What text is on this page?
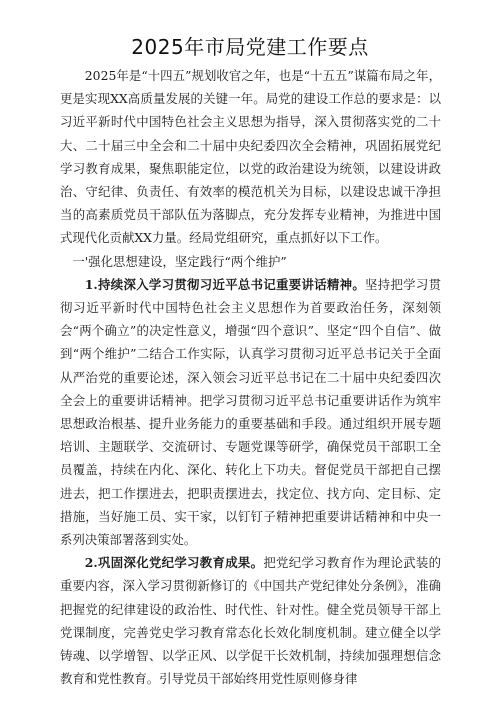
2025年市局党建工作要点

2025年是“十四五”规划收官之年，也是“十五五”谋篇布局之年，更是实现XX高质量发展的关键一年。局党的建设工作总的要求是：以习近平新时代中国特色社会主义思想为指导，深入贯彻落实党的二十大、二十届三中全会和二十届中央纪委四次全会精神，巩固拓展党纪学习教育成果，聚焦职能定位，以党的政治建设为统领，以建设讲政治、守纪律、负责任、有效率的模范机关为目标，以建设忠诚干净担当的高素质党员干部队伍为落脚点，充分发挥专业精神，为推进中国式现代化贡献XX力量。经局党组研究，重点抓好以下工作。

一'强化思想建设，坚定践行“两个维护”

1.持续深入学习贯彻习近平总书记重要讲话精神。坚持把学习贯彻习近平新时代中国特色社会主义思想作为首要政治任务，深刻领会“两个确立”的决定性意义，增强“四个意识”、坚定“四个自信”、做到“两个维护”二结合工作实际，认真学习贯彻习近平总书记关于全面从严治党的重要论述，深入领会习近平总书记在二十届中央纪委四次全会上的重要讲话精神。把学习贯彻习近平总书记重要讲话作为筑牢思想政治根基、提升业务能力的重要基础和手段。通过组织开展专题培训、主题联学、交流研讨、专题党课等研学，确保党员干部职工全员覆盖，持续在内化、深化、转化上下功夫。督促党员干部把自己摆进去，把工作摆进去，把职责摆进去，找定位、找方向、定目标、定措施，当好施工员、实干家，以钉钉子精神把重要讲话精神和中央一系列决策部署落到实处。

2.巩固深化党纪学习教育成果。把党纪学习教育作为理论武装的重要内容，深入学习贯彻新修订的《中国共产党纪律处分条例》，准确把握党的纪律建设的政治性、时代性、针对性。健全党员领导干部上党课制度，完善党史学习教育常态化长效化制度机制。建立健全以学铸魂、以学增智、以学正风、以学促干长效机制，持续加强理想信念教育和党性教育。引导党员干部始终用党性原则修身律
